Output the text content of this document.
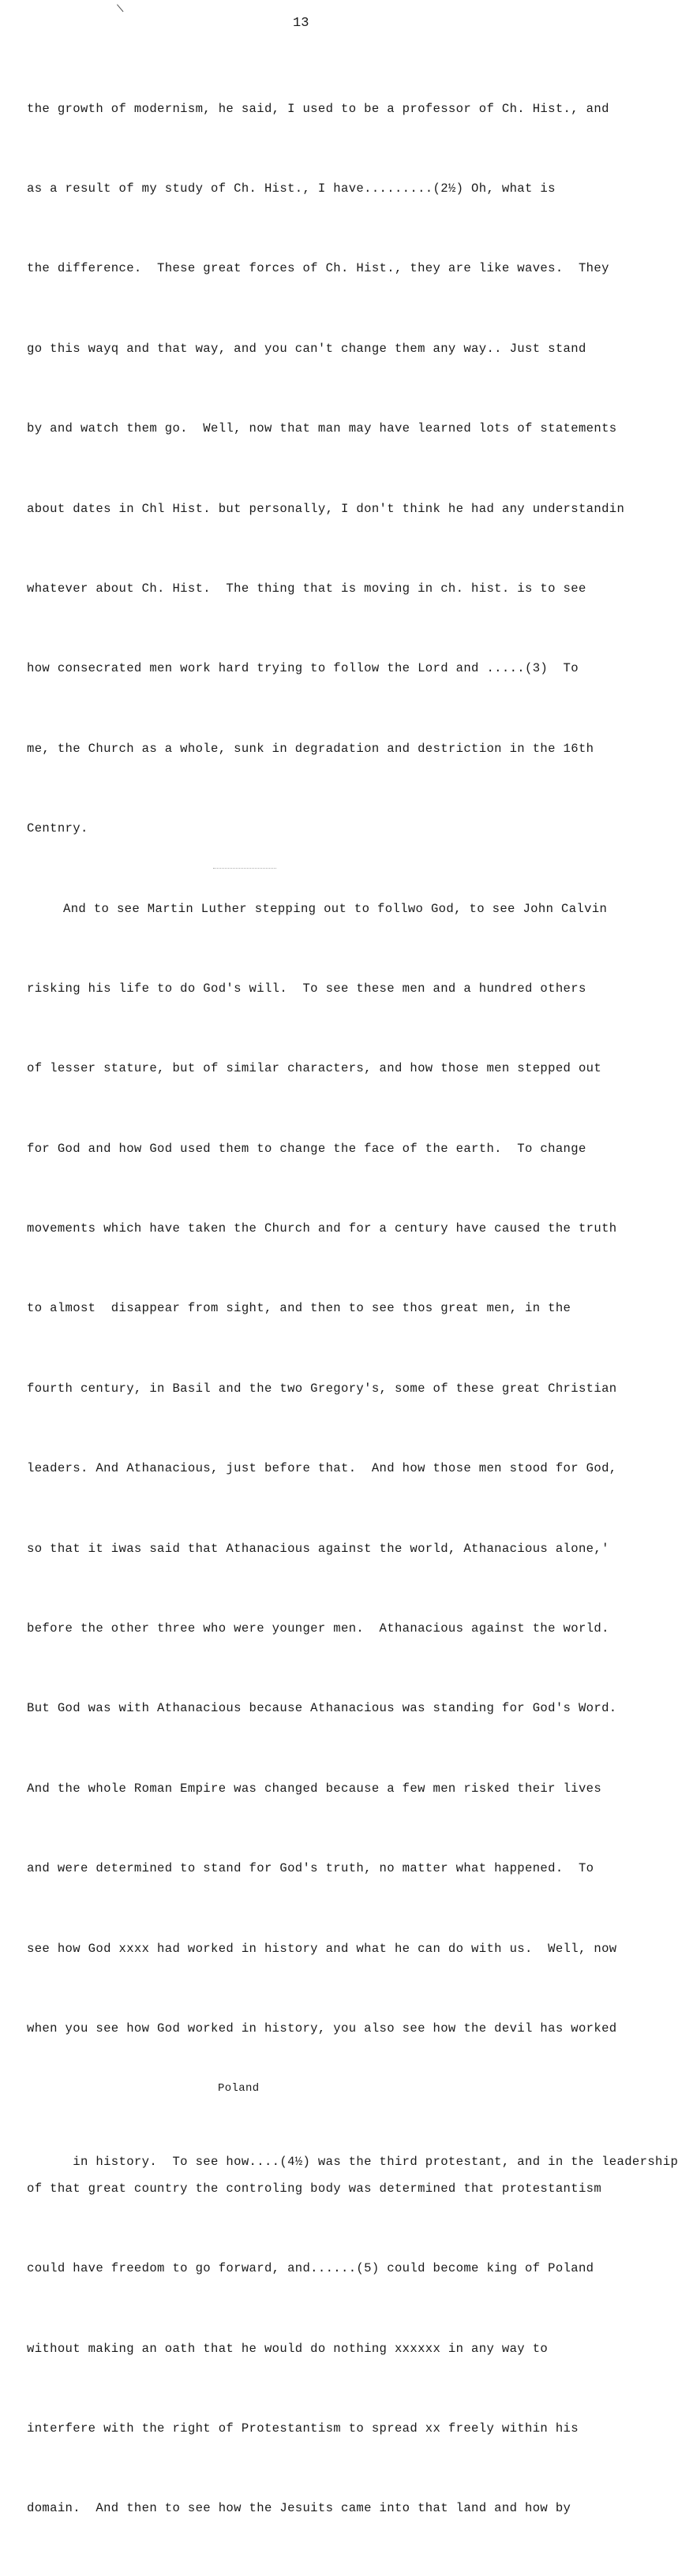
13

the growth of modernism, he said, I used to be a professor of Ch. Hist., and

as a result of my study of Ch. Hist., I have.........(2½) Oh, what is

the difference.  These great forces of Ch. Hist., they are like waves.  They

go this wayq and that way, and you can't change them any way.. Just stand

by and watch them go.  Well, now that man may have learned lots of statements

about dates in Chl Hist. but personally, I don't think he had any understandin

whatever about Ch. Hist.  The thing that is moving in ch. hist. is to see

how consecrated men work hard trying to follow the Lord and .....(3)  To

me, the Church as a whole, sunk in degradation and destriction in the 16th

Centnry.

And to see Martin Luther stepping out to follwo God, to see John Calvin

risking his life to do God's will.  To see these men and a hundred others

of lesser stature, but of similar characters, and how those men stepped out

for God and how God used them to change the face of the earth.  To change

movements which have taken the Church and for a century have caused the truth

to almost  disappear from sight, and then to see thos great men, in the

fourth century, in Basil and the two Gregory's, some of these great Christian

leaders. And Athanacious, just before that.  And how those men stood for God,

so that it iwas said that Athanacious against the world, Athanacious alone,'

before the other three who were younger men.  Athanacious against the world.

But God was with Athanacious because Athanacious was standing for God's Word.

And the whole Roman Empire was changed because a few men risked their lives

and were determined to stand for God's truth, no matter what happened.  To

see how God xxxx had worked in history and what he can do with us.  Well, now

when you see how God worked in history, you also see how the devil has worked

Poland

in history.  To see how....(4½) was the third protestant, and in the leadership

of that great country the controling body was determined that protestantism

could have freedom to go forward, and......(5) could become king of Poland

without making an oath that he would do nothing xxxxxx in any way to

interfere with the right of Protestantism to spread xx freely within his

domain.  And then to see how the Jesuits came into that land and how by
